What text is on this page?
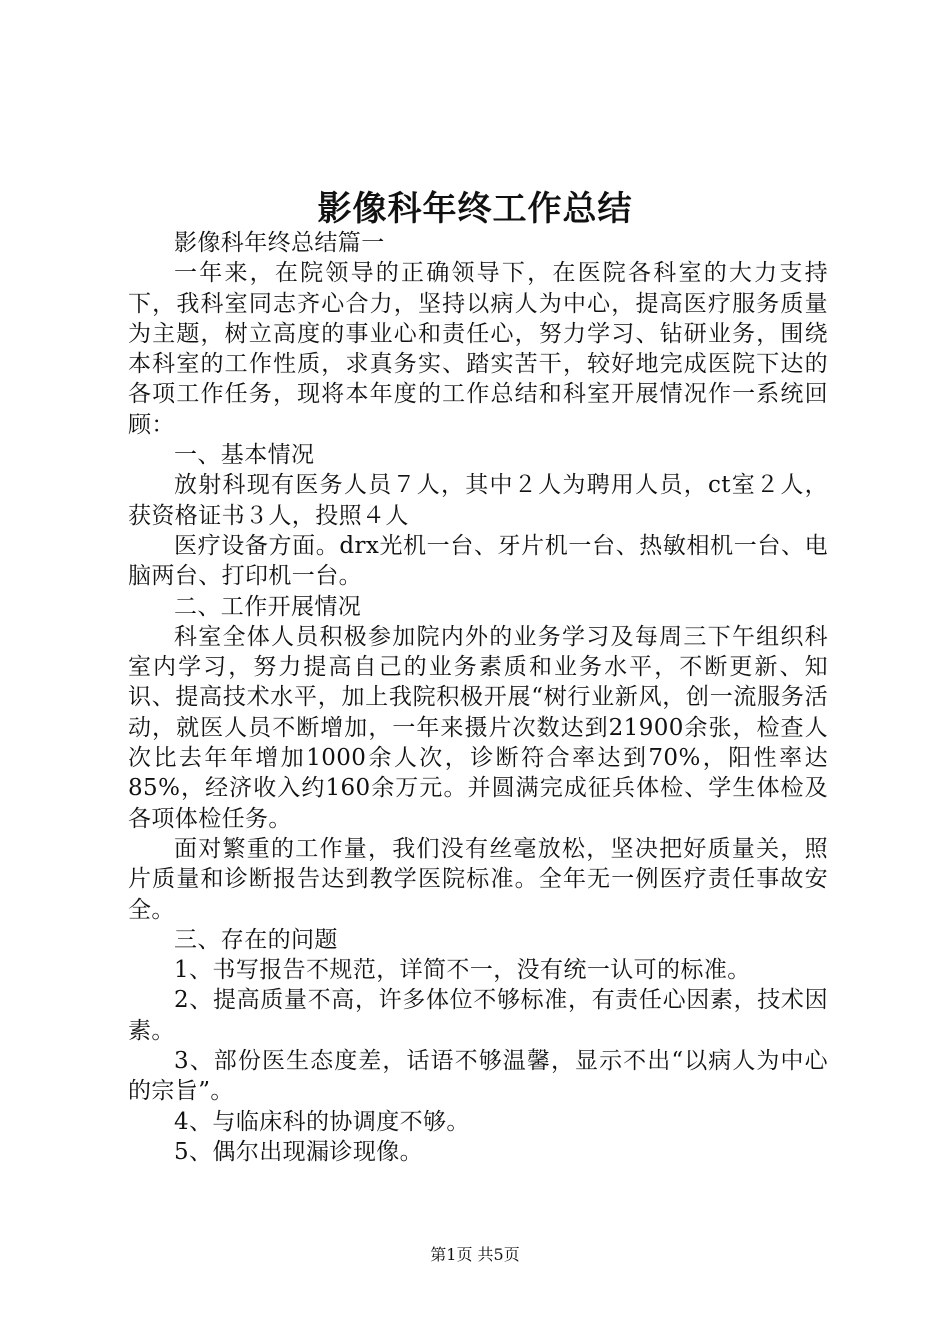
影像科年终工作总结

影像科年终总结篇一

一年来，在院领导的正确领导下，在医院各科室的大力支持下，我科室同志齐心合力，坚持以病人为中心，提高医疗服务质量为主题，树立高度的事业心和责任心，努力学习、钻研业务，围绕本科室的工作性质，求真务实、踏实苦干，较好地完成医院下达的各项工作任务，现将本年度的工作总结和科室开展情况作一系统回顾：

一、基本情况

放射科现有医务人员７人，其中２人为聘用人员，ct室２人，获资格证书３人，投照４人

医疗设备方面。drx光机一台、牙片机一台、热敏相机一台、电脑两台、打印机一台。

二、工作开展情况

科室全体人员积极参加院内外的业务学习及每周三下午组织科室内学习，努力提高自己的业务素质和业务水平，不断更新、知识、提高技术水平，加上我院积极开展“树行业新风，创一流服务活动，就医人员不断增加，一年来摄片次数达到21900余张，检查人次比去年年增加1000余人次，诊断符合率达到70%，阳性率达85%，经济收入约160余万元。并圆满完成征兵体检、学生体检及各项体检任务。

面对繁重的工作量，我们没有丝毫放松，坚决把好质量关，照片质量和诊断报告达到教学医院标准。全年无一例医疗责任事故安全。

三、存在的问题

1、书写报告不规范，详简不一，没有统一认可的标准。

2、提高质量不高，许多体位不够标准，有责任心因素，技术因素。

3、部份医生态度差，话语不够温馨，显示不出“以病人为中心的宗旨”。

4、与临床科的协调度不够。

5、偶尔出现漏诊现像。

第1页 共5页
